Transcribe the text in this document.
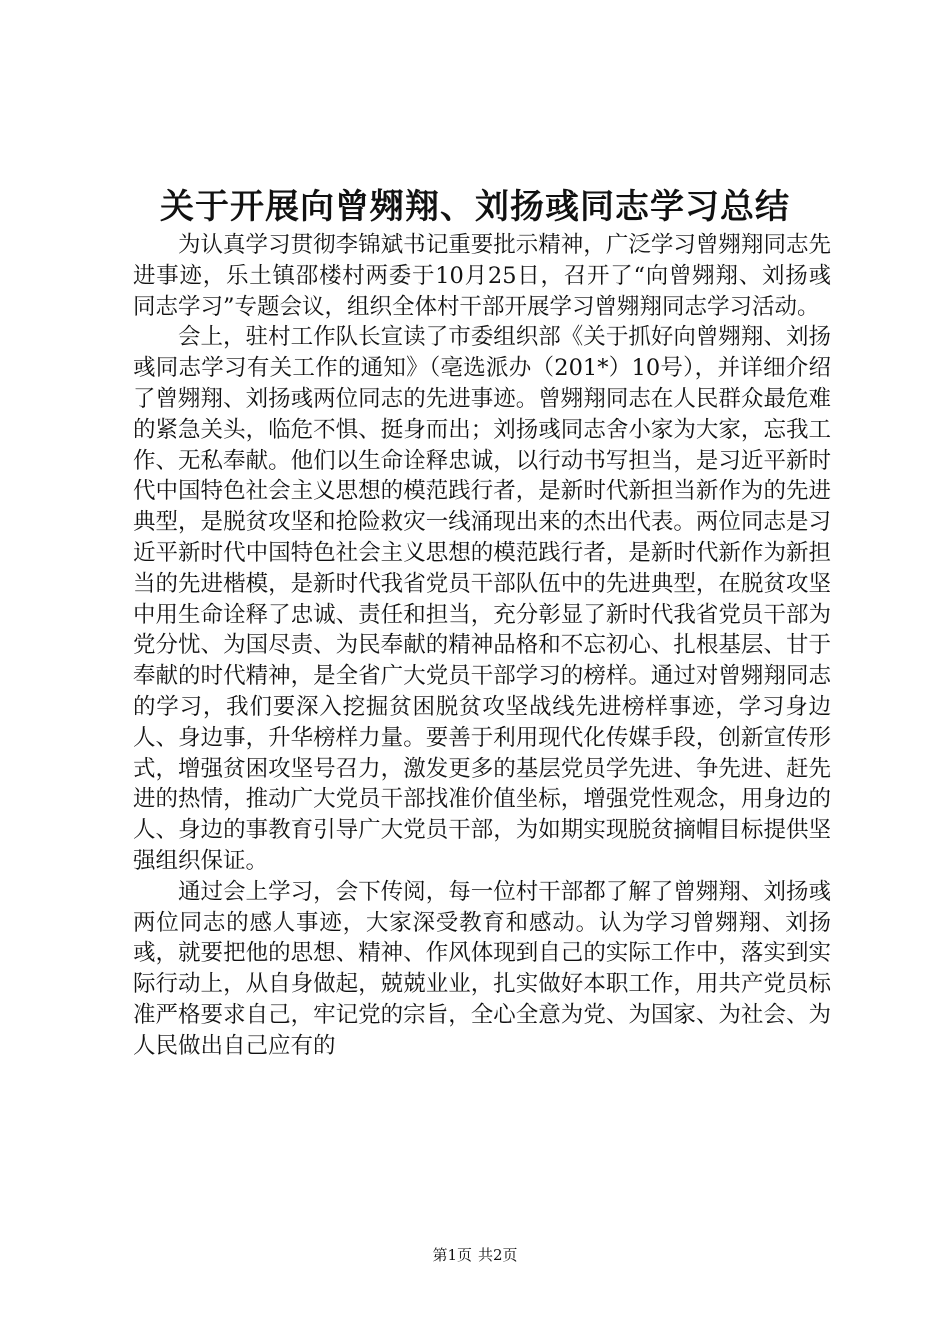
关于开展向曾翙翔、刘扬彧同志学习总结

为认真学习贯彻李锦斌书记重要批示精神，广泛学习曾翙翔同志先进事迹，乐土镇邵楼村两委于10月25日，召开了“向曾翙翔、刘扬彧同志学习”专题会议，组织全体村干部开展学习曾翙翔同志学习活动。

会上，驻村工作队长宣读了市委组织部《关于抓好向曾翙翔、刘扬彧同志学习有关工作的通知》（亳选派办（201*）10号），并详细介绍了曾翙翔、刘扬彧两位同志的先进事迹。曾翙翔同志在人民群众最危难的紧急关头，临危不惧、挺身而出；刘扬彧同志舍小家为大家，忘我工作、无私奉献。他们以生命诠释忠诚，以行动书写担当，是习近平新时代中国特色社会主义思想的模范践行者，是新时代新担当新作为的先进典型，是脱贫攻坚和抢险救灾一线涌现出来的杰出代表。两位同志是习近平新时代中国特色社会主义思想的模范践行者，是新时代新作为新担当的先进楷模，是新时代我省党员干部队伍中的先进典型，在脱贫攻坚中用生命诠释了忠诚、责任和担当，充分彰显了新时代我省党员干部为党分忧、为国尽责、为民奉献的精神品格和不忘初心、扎根基层、甘于奉献的时代精神，是全省广大党员干部学习的榜样。通过对曾翙翔同志的学习，我们要深入挖掘贫困脱贫攻坚战线先进榜样事迹，学习身边人、身边事，升华榜样力量。要善于利用现代化传媒手段，创新宣传形式，增强贫困攻坚号召力，激发更多的基层党员学先进、争先进、赶先进的热情，推动广大党员干部找准价值坐标，增强党性观念，用身边的人、身边的事教育引导广大党员干部，为如期实现脱贫摘帽目标提供坚强组织保证。

通过会上学习，会下传阅，每一位村干部都了解了曾翙翔、刘扬彧两位同志的感人事迹，大家深受教育和感动。认为学习曾翙翔、刘扬彧，就要把他的思想、精神、作风体现到自己的实际工作中，落实到实际行动上，从自身做起，兢兢业业，扎实做好本职工作，用共产党员标准严格要求自己，牢记党的宗旨，全心全意为党、为国家、为社会、为人民做出自己应有的

第1页 共2页
